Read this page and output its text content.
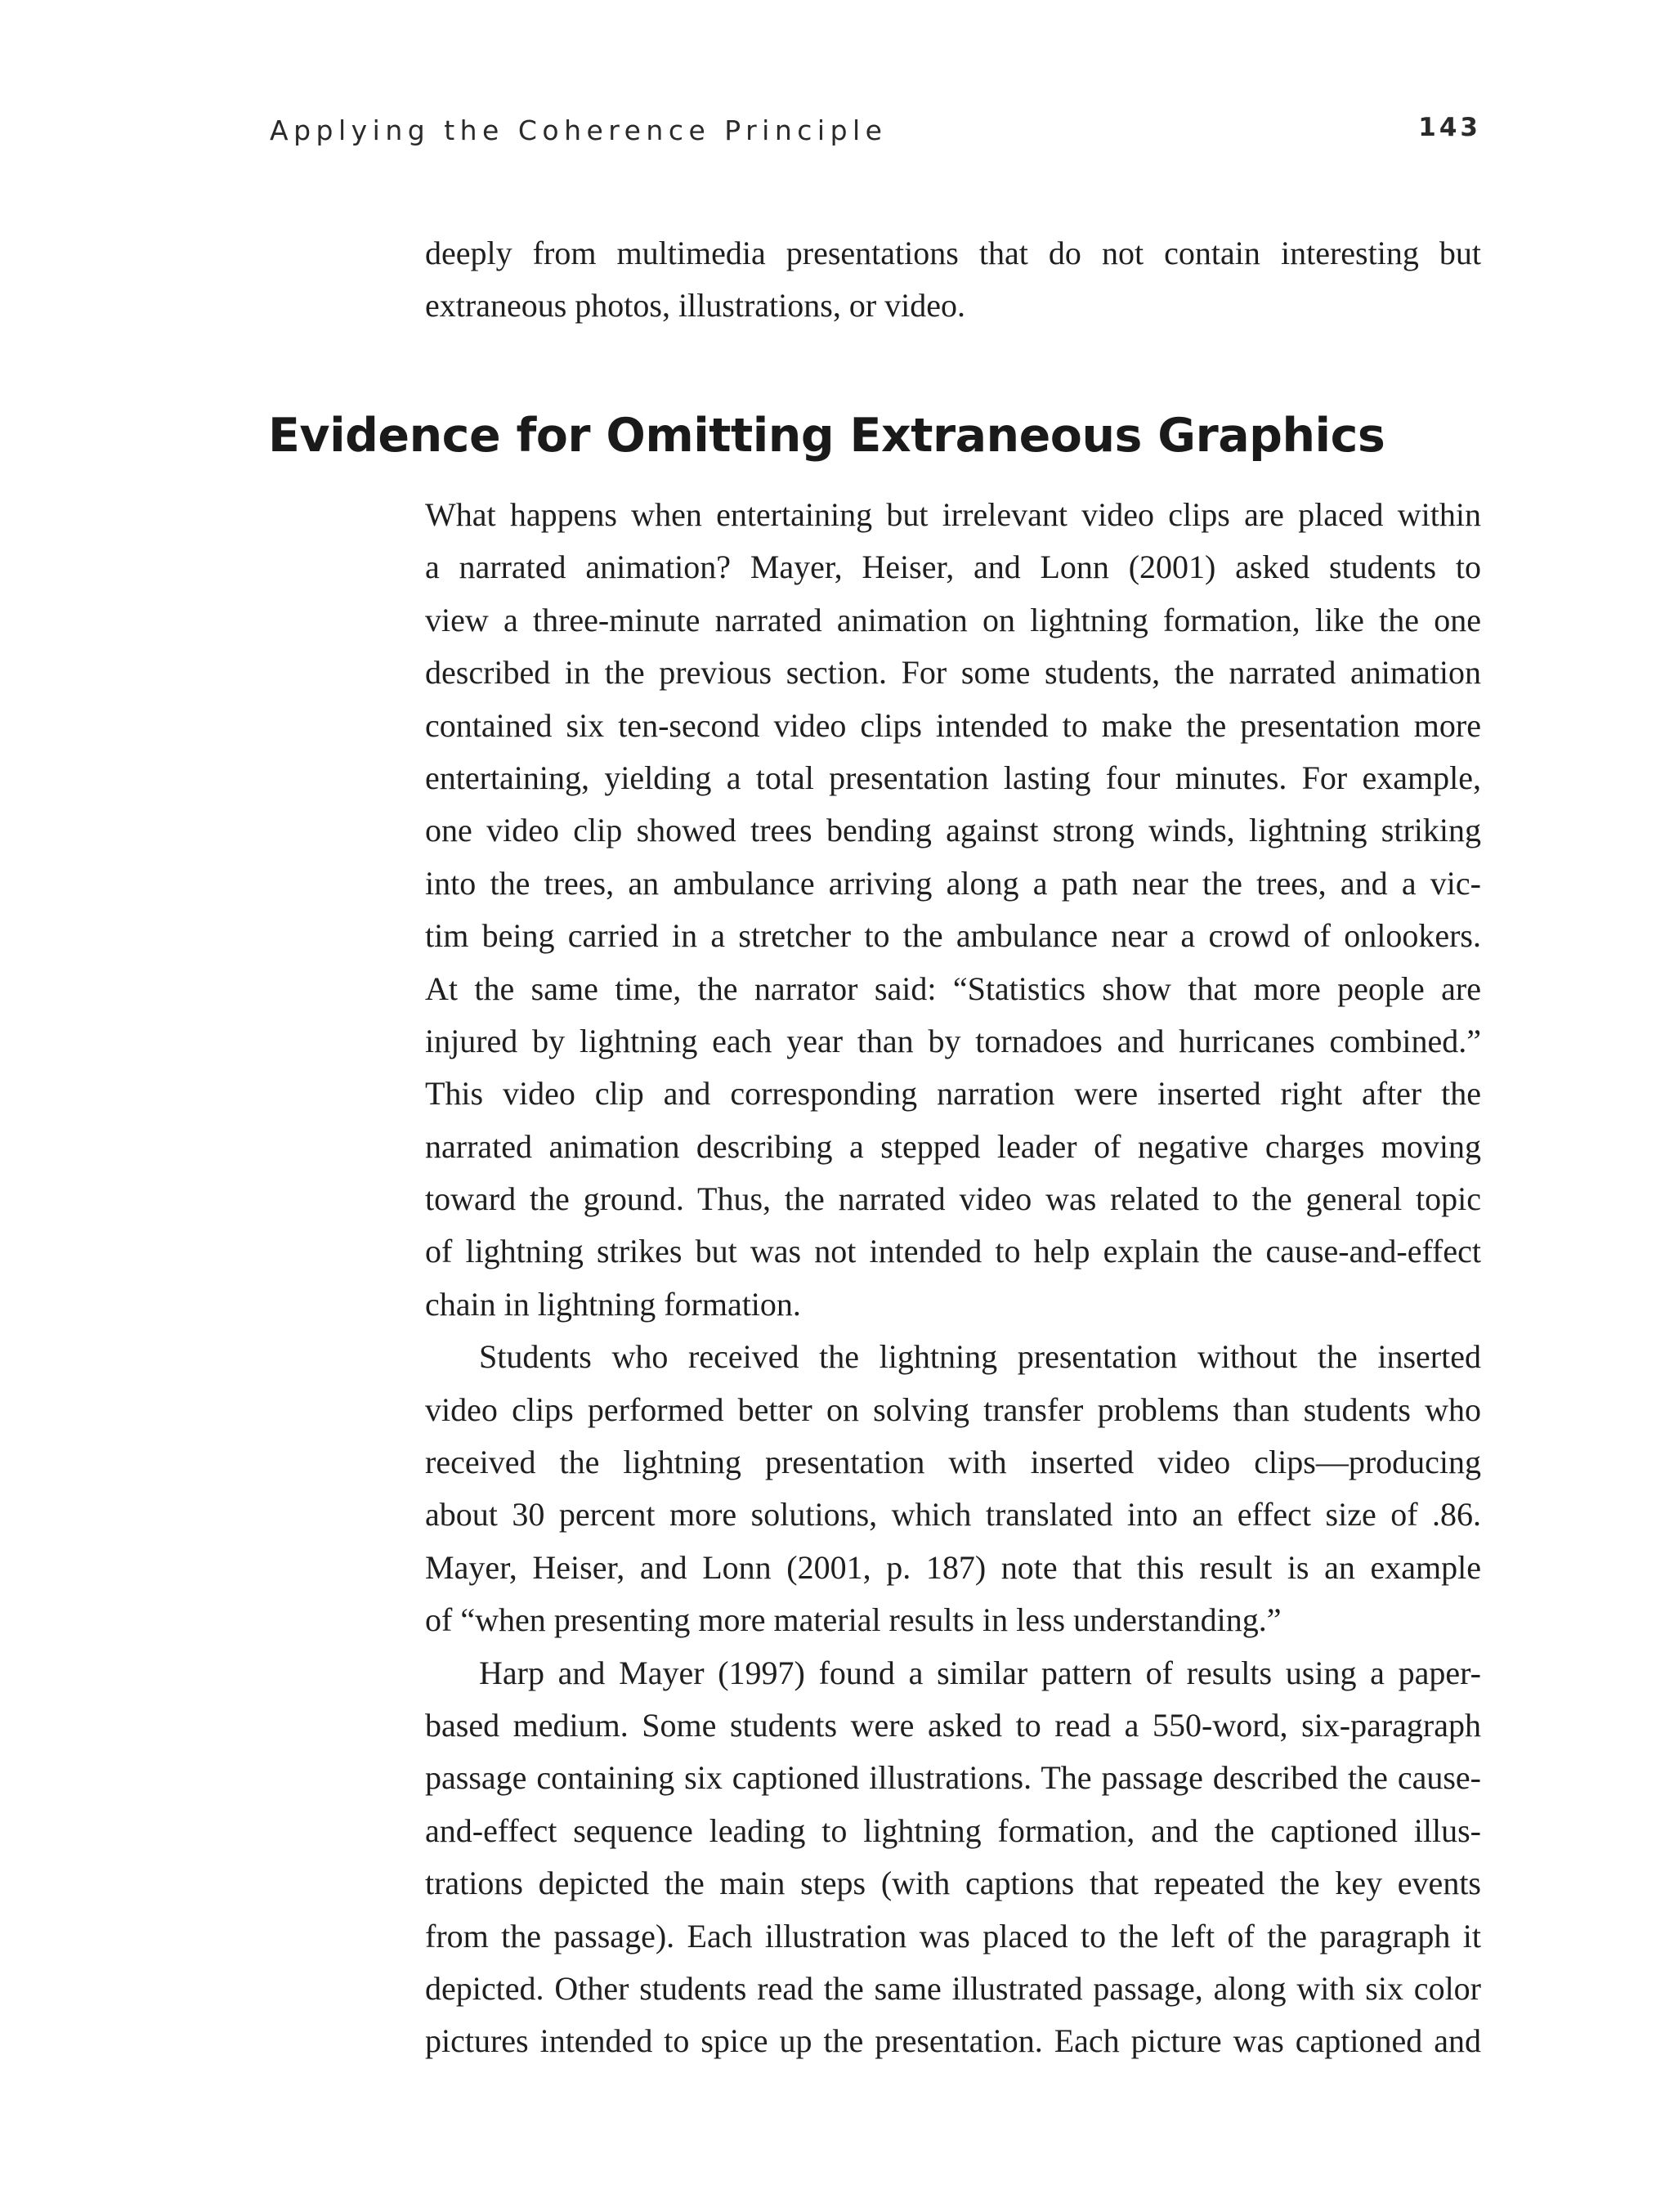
Applying the Coherence Principle	143
deeply from multimedia presentations that do not contain interesting but
extraneous photos, illustrations, or video.
Evidence for Omitting Extraneous Graphics
What happens when entertaining but irrelevant video clips are placed within
a narrated animation? Mayer, Heiser, and Lonn (2001) asked students to
view a three-minute narrated animation on lightning formation, like the one
described in the previous section. For some students, the narrated animation
contained six ten-second video clips intended to make the presentation more
entertaining, yielding a total presentation lasting four minutes. For example,
one video clip showed trees bending against strong winds, lightning striking
into the trees, an ambulance arriving along a path near the trees, and a vic-
tim being carried in a stretcher to the ambulance near a crowd of onlookers.
At the same time, the narrator said: “Statistics show that more people are
injured by lightning each year than by tornadoes and hurricanes combined.”
This video clip and corresponding narration were inserted right after the
narrated animation describing a stepped leader of negative charges moving
toward the ground. Thus, the narrated video was related to the general topic
of lightning strikes but was not intended to help explain the cause-and-effect
chain in lightning formation.
Students who received the lightning presentation without the inserted
video clips performed better on solving transfer problems than students who
received the lightning presentation with inserted video clips—producing
about 30 percent more solutions, which translated into an effect size of .86.
Mayer, Heiser, and Lonn (2001, p. 187) note that this result is an example
of “when presenting more material results in less understanding.”
Harp and Mayer (1997) found a similar pattern of results using a paper-
based medium. Some students were asked to read a 550-word, six-paragraph
passage containing six captioned illustrations. The passage described the cause-
and-effect sequence leading to lightning formation, and the captioned illus-
trations depicted the main steps (with captions that repeated the key events
from the passage). Each illustration was placed to the left of the paragraph it
depicted. Other students read the same illustrated passage, along with six color
pictures intended to spice up the presentation. Each picture was captioned and
